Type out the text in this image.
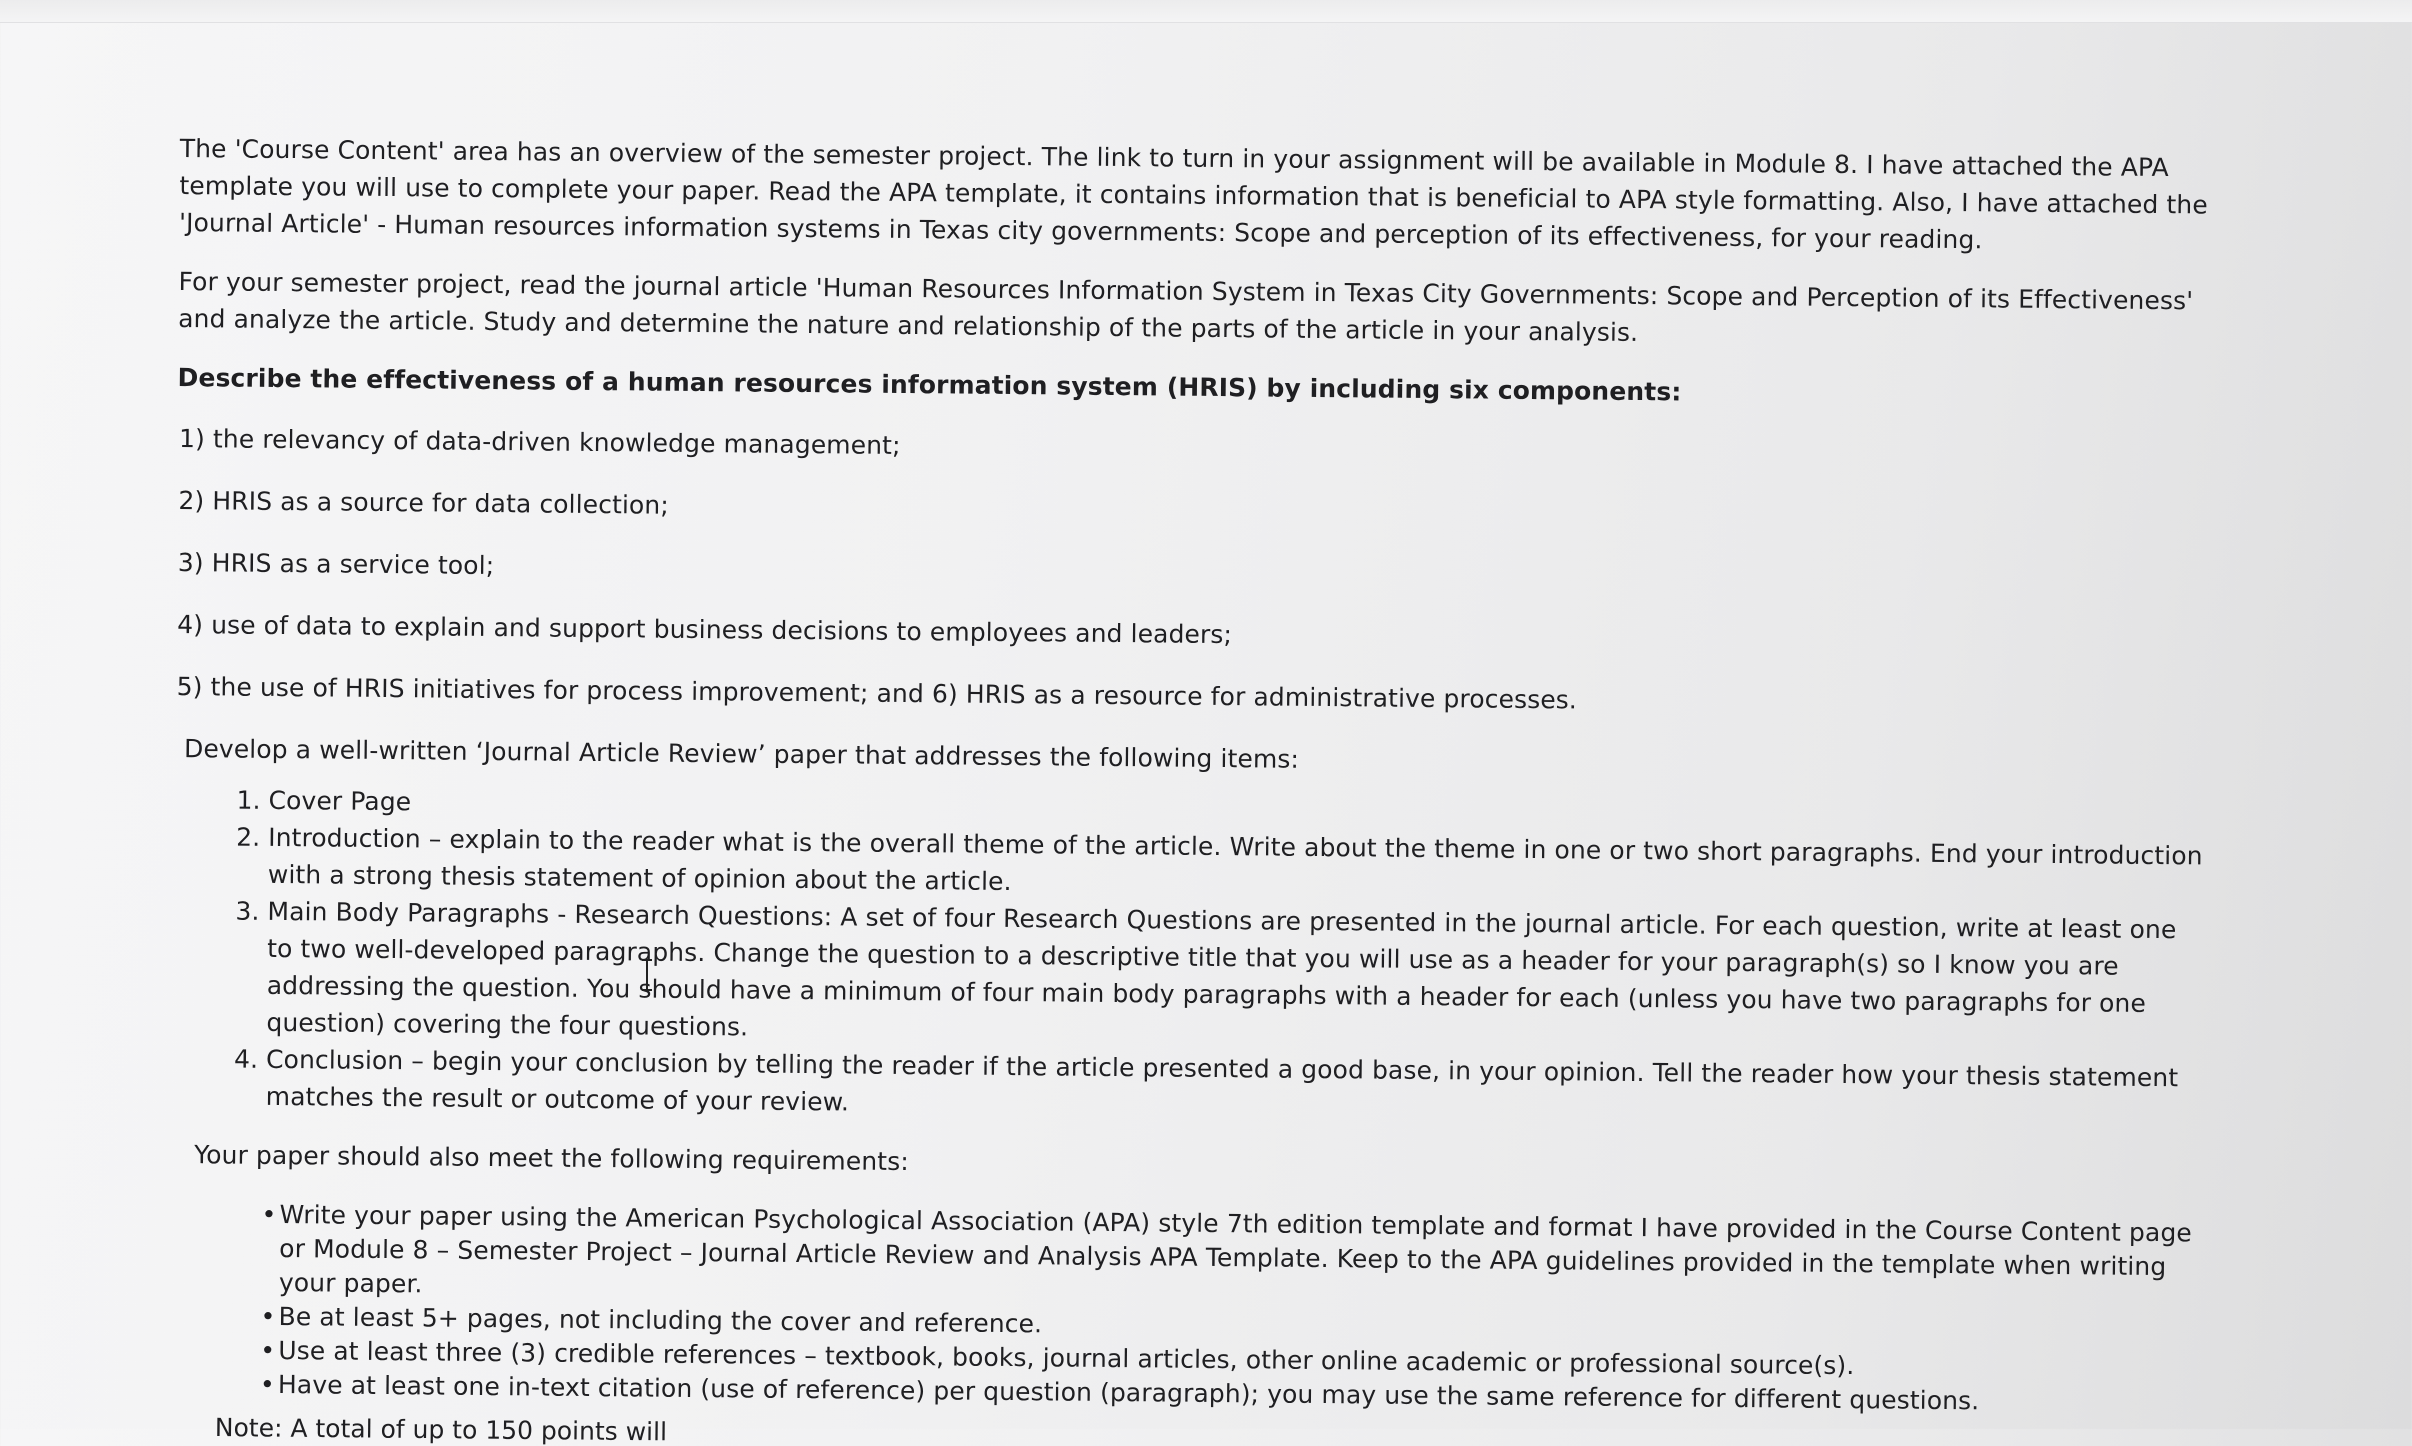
The 'Course Content' area has an overview of the semester project. The link to turn in your assignment will be available in Module 8. I have attached the APA template you will use to complete your paper. Read the APA template, it contains information that is beneficial to APA style formatting. Also, I have attached the 'Journal Article' - Human resources information systems in Texas city governments: Scope and perception of its effectiveness, for your reading.

For your semester project, read the journal article 'Human Resources Information System in Texas City Governments: Scope and Perception of its Effectiveness' and analyze the article. Study and determine the nature and relationship of the parts of the article in your analysis.

Describe the effectiveness of a human resources information system (HRIS) by including six components:

1) the relevancy of data-driven knowledge management;

2) HRIS as a source for data collection;

3) HRIS as a service tool;

4) use of data to explain and support business decisions to employees and leaders;

5) the use of HRIS initiatives for process improvement; and 6) HRIS as a resource for administrative processes.

Develop a well-written ‘Journal Article Review’ paper that addresses the following items:

1. Cover Page
2. Introduction – explain to the reader what is the overall theme of the article. Write about the theme in one or two short paragraphs. End your introduction with a strong thesis statement of opinion about the article.
3. Main Body Paragraphs - Research Questions: A set of four Research Questions are presented in the journal article. For each question, write at least one to two well-developed paragraphs. Change the question to a descriptive title that you will use as a header for your paragraph(s) so I know you are addressing the question. You should have a minimum of four main body paragraphs with a header for each (unless you have two paragraphs for one question) covering the four questions.
4. Conclusion – begin your conclusion by telling the reader if the article presented a good base, in your opinion. Tell the reader how your thesis statement matches the result or outcome of your review.

Your paper should also meet the following requirements:

• Write your paper using the American Psychological Association (APA) style 7th edition template and format I have provided in the Course Content page or Module 8 – Semester Project – Journal Article Review and Analysis APA Template. Keep to the APA guidelines provided in the template when writing your paper.
• Be at least 5+ pages, not including the cover and reference.
• Use at least three (3) credible references – textbook, books, journal articles, other online academic or professional source(s).
• Have at least one in-text citation (use of reference) per question (paragraph); you may use the same reference for different questions.
Note: A total of up to 150 points will
